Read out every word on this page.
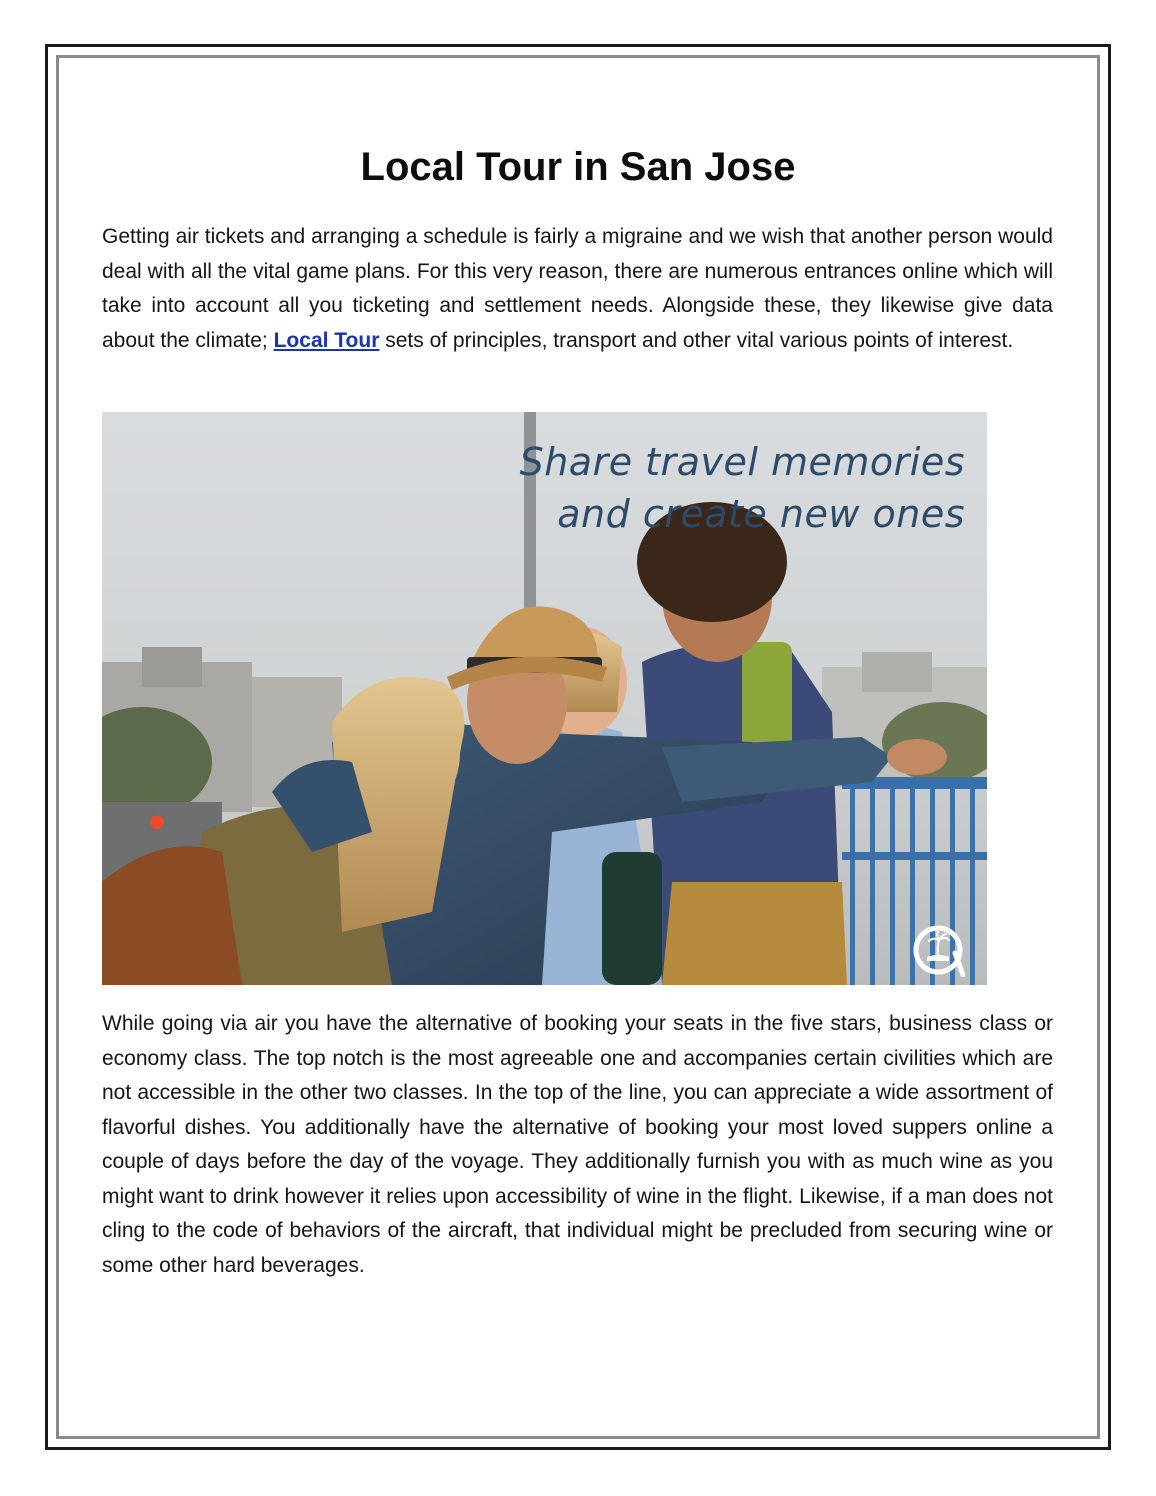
Local Tour in San Jose

Getting air tickets and arranging a schedule is fairly a migraine and we wish that another person would deal with all the vital game plans. For this very reason, there are numerous entrances online which will take into account all you ticketing and settlement needs. Alongside these, they likewise give data about the climate; Local Tour sets of principles, transport and other vital various points of interest.

Share travel memories
and create new ones

While going via air you have the alternative of booking your seats in the five stars, business class or economy class. The top notch is the most agreeable one and accompanies certain civilities which are not accessible in the other two classes. In the top of the line, you can appreciate a wide assortment of flavorful dishes. You additionally have the alternative of booking your most loved suppers online a couple of days before the day of the voyage. They additionally furnish you with as much wine as you might want to drink however it relies upon accessibility of wine in the flight. Likewise, if a man does not cling to the code of behaviors of the aircraft, that individual might be precluded from securing wine or some other hard beverages.
